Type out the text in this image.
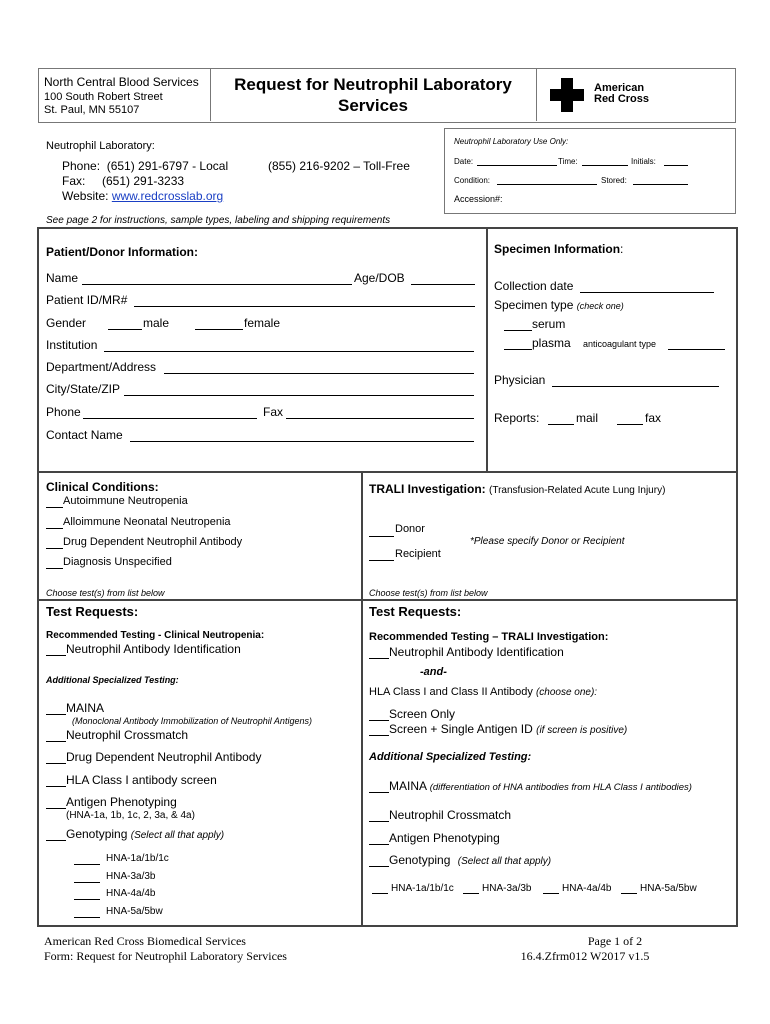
North Central Blood Services
100 South Robert Street
St. Paul, MN 55107
Request for Neutrophil Laboratory
Services
American
Red Cross
Neutrophil Laboratory:
Phone:  (651) 291-6797 - Local	(855) 216-9202 – Toll-Free
Fax:     (651) 291-3233
Website: www.redcrosslab.org
Neutrophil Laboratory Use Only:
Date:	Time:	Initials:
Condition:	Stored:
Accession#:
See page 2 for instructions, sample types, labeling and shipping requirements
Patient/Donor Information:
Name	Age/DOB
Patient ID/MR#
Gender	male	female
Institution
Department/Address
City/State/ZIP
Phone	Fax
Contact Name
Specimen Information:
Collection date
Specimen type (check one)
serum
plasma anticoagulant type
Physician
Reports:	mail	fax
Clinical Conditions:
Autoimmune Neutropenia
Alloimmune Neonatal Neutropenia
Drug Dependent Neutrophil Antibody
Diagnosis Unspecified
Choose test(s) from list below
TRALI Investigation: (Transfusion-Related Acute Lung Injury)
Donor
*Please specify Donor or Recipient
Recipient
Choose test(s) from list below
Test Requests:
Recommended Testing - Clinical Neutropenia:
Neutrophil Antibody Identification
Additional Specialized Testing:
MAINA
(Monoclonal Antibody Immobilization of Neutrophil Antigens)
Neutrophil Crossmatch
Drug Dependent Neutrophil Antibody
HLA Class I antibody screen
Antigen Phenotyping
(HNA-1a, 1b, 1c, 2, 3a, & 4a)
Genotyping (Select all that apply)
HNA-1a/1b/1c
HNA-3a/3b
HNA-4a/4b
HNA-5a/5bw
Test Requests:
Recommended Testing – TRALI Investigation:
Neutrophil Antibody Identification
-and-
HLA Class I and Class II Antibody (choose one):
Screen Only
Screen + Single Antigen ID (if screen is positive)
Additional Specialized Testing:
MAINA (differentiation of HNA antibodies from HLA Class I antibodies)
Neutrophil Crossmatch
Antigen Phenotyping
Genotyping (Select all that apply)
HNA-1a/1b/1c	HNA-3a/3b	HNA-4a/4b	HNA-5a/5bw
American Red Cross Biomedical Services
Form: Request for Neutrophil Laboratory Services
Page 1 of 2
16.4.Zfrm012 W2017 v1.5
